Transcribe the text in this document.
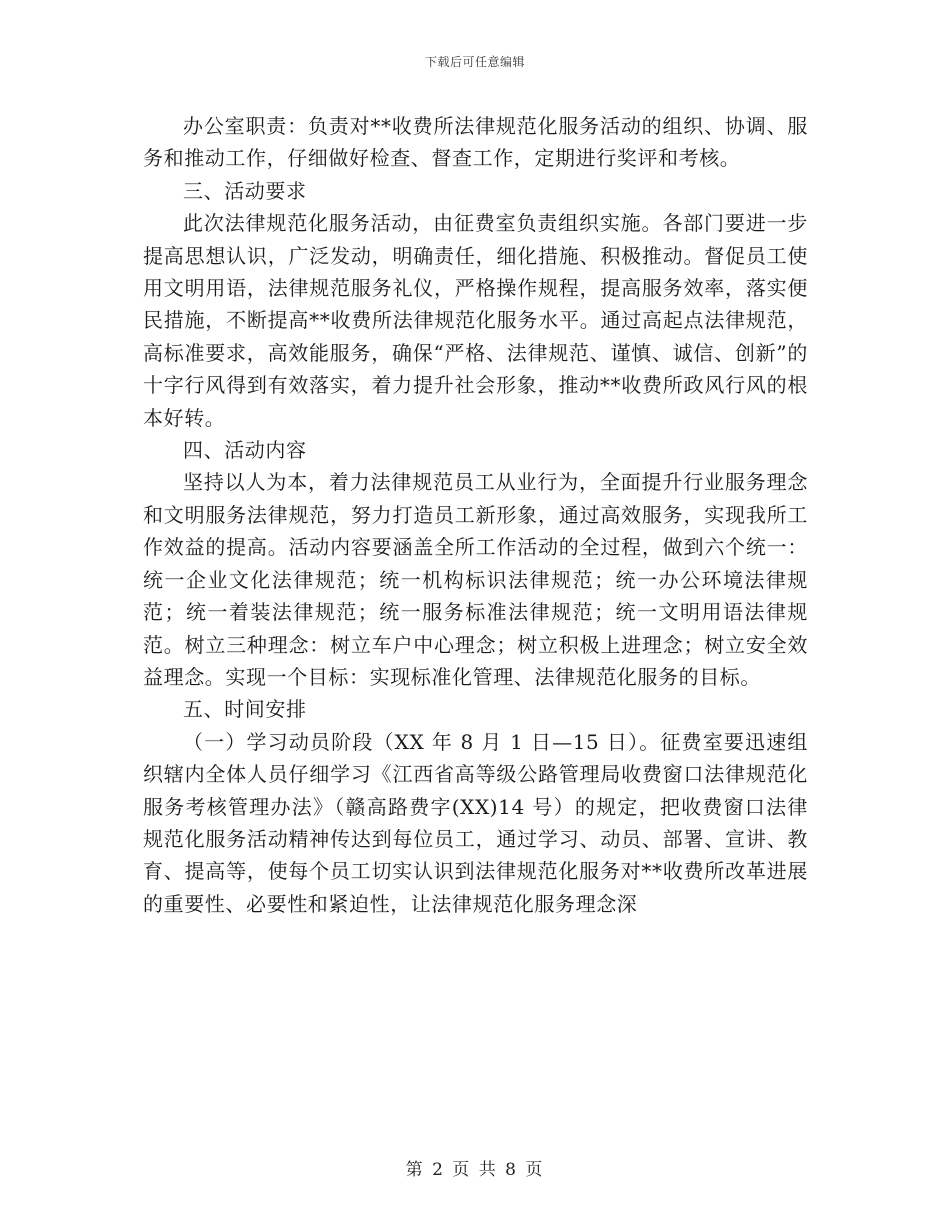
下载后可任意编辑

办公室职责：负责对**收费所法律规范化服务活动的组织、协调、服务和推动工作，仔细做好检查、督查工作，定期进行奖评和考核。

三、活动要求

此次法律规范化服务活动，由征费室负责组织实施。各部门要进一步提高思想认识，广泛发动，明确责任，细化措施、积极推动。督促员工使用文明用语，法律规范服务礼仪，严格操作规程，提高服务效率，落实便民措施，不断提高**收费所法律规范化服务水平。通过高起点法律规范，高标准要求，高效能服务，确保“严格、法律规范、谨慎、诚信、创新”的十字行风得到有效落实，着力提升社会形象，推动**收费所政风行风的根本好转。

四、活动内容

坚持以人为本，着力法律规范员工从业行为，全面提升行业服务理念和文明服务法律规范，努力打造员工新形象，通过高效服务，实现我所工作效益的提高。活动内容要涵盖全所工作活动的全过程，做到六个统一：统一企业文化法律规范；统一机构标识法律规范；统一办公环境法律规范；统一着装法律规范；统一服务标准法律规范；统一文明用语法律规范。树立三种理念：树立车户中心理念；树立积极上进理念；树立安全效益理念。实现一个目标：实现标准化管理、法律规范化服务的目标。

五、时间安排

（一）学习动员阶段（XX 年 8 月 1 日—15 日）。征费室要迅速组织辖内全体人员仔细学习《江西省高等级公路管理局收费窗口法律规范化服务考核管理办法》（赣高路费字(XX)14 号）的规定，把收费窗口法律规范化服务活动精神传达到每位员工，通过学习、动员、部署、宣讲、教育、提高等，使每个员工切实认识到法律规范化服务对**收费所改革进展的重要性、必要性和紧迫性，让法律规范化服务理念深

第 2 页 共 8 页
